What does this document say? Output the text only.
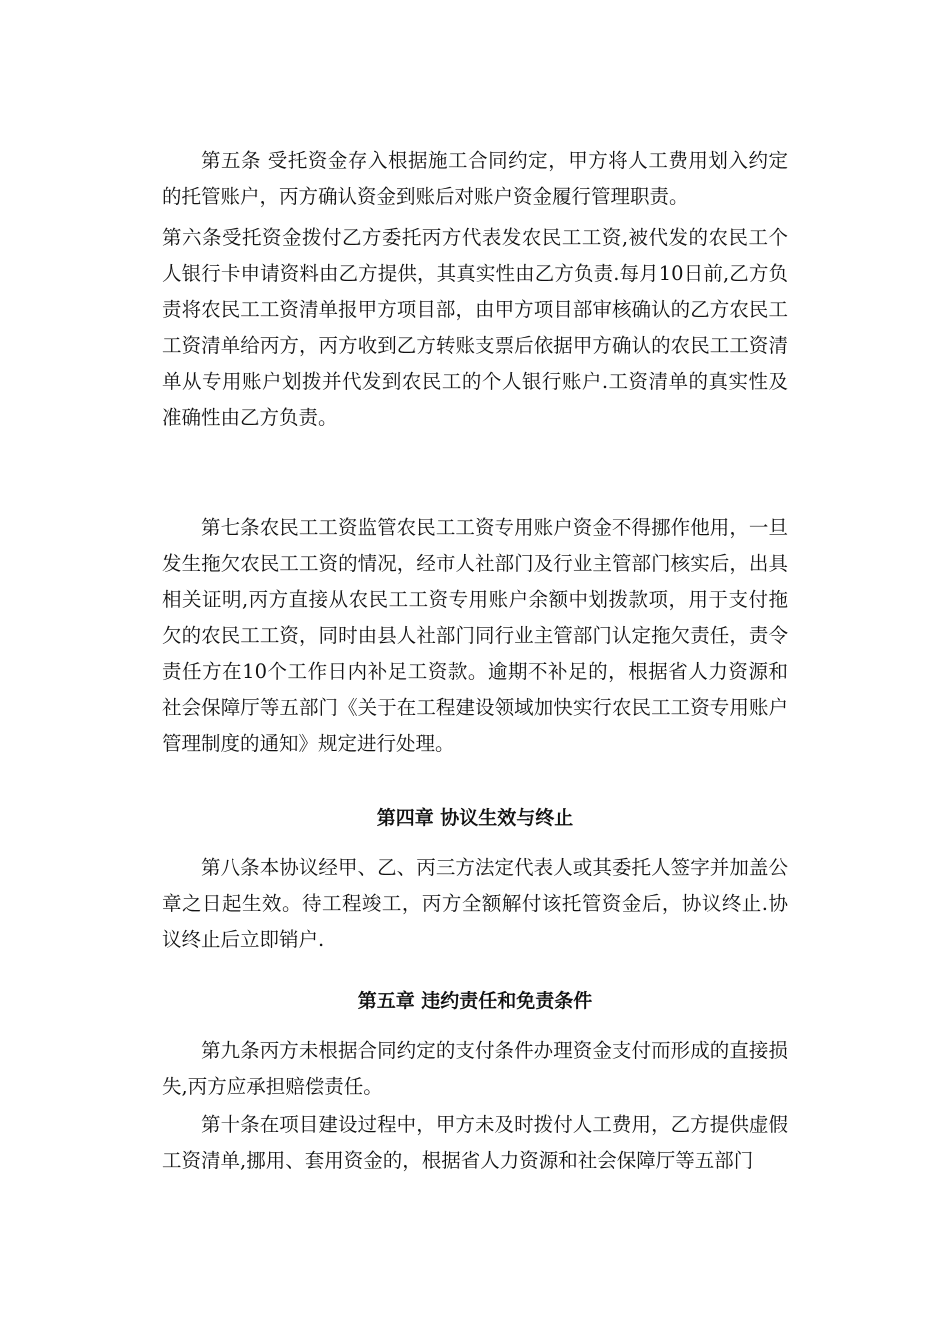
第五条 受托资金存入根据施工合同约定，甲方将人工费用划入约定的托管账户，丙方确认资金到账后对账户资金履行管理职责。

第六条受托资金拨付乙方委托丙方代表发农民工工资,被代发的农民工个人银行卡申请资料由乙方提供，其真实性由乙方负责.每月10日前,乙方负责将农民工工资清单报甲方项目部，由甲方项目部审核确认的乙方农民工工资清单给丙方，丙方收到乙方转账支票后依据甲方确认的农民工工资清单从专用账户划拨并代发到农民工的个人银行账户.工资清单的真实性及准确性由乙方负责。

第七条农民工工资监管农民工工资专用账户资金不得挪作他用，一旦发生拖欠农民工工资的情况，经市人社部门及行业主管部门核实后，出具相关证明,丙方直接从农民工工资专用账户余额中划拨款项，用于支付拖欠的农民工工资，同时由县人社部门同行业主管部门认定拖欠责任，责令责任方在10个工作日内补足工资款。逾期不补足的，根据省人力资源和社会保障厅等五部门《关于在工程建设领域加快实行农民工工资专用账户管理制度的通知》规定进行处理。

第四章 协议生效与终止

第八条本协议经甲、乙、丙三方法定代表人或其委托人签字并加盖公章之日起生效。待工程竣工，丙方全额解付该托管资金后，协议终止.协议终止后立即销户.

第五章 违约责任和免责条件

第九条丙方未根据合同约定的支付条件办理资金支付而形成的直接损失,丙方应承担赔偿责任。

第十条在项目建设过程中，甲方未及时拨付人工费用，乙方提供虚假工资清单,挪用、套用资金的，根据省人力资源和社会保障厅等五部门
